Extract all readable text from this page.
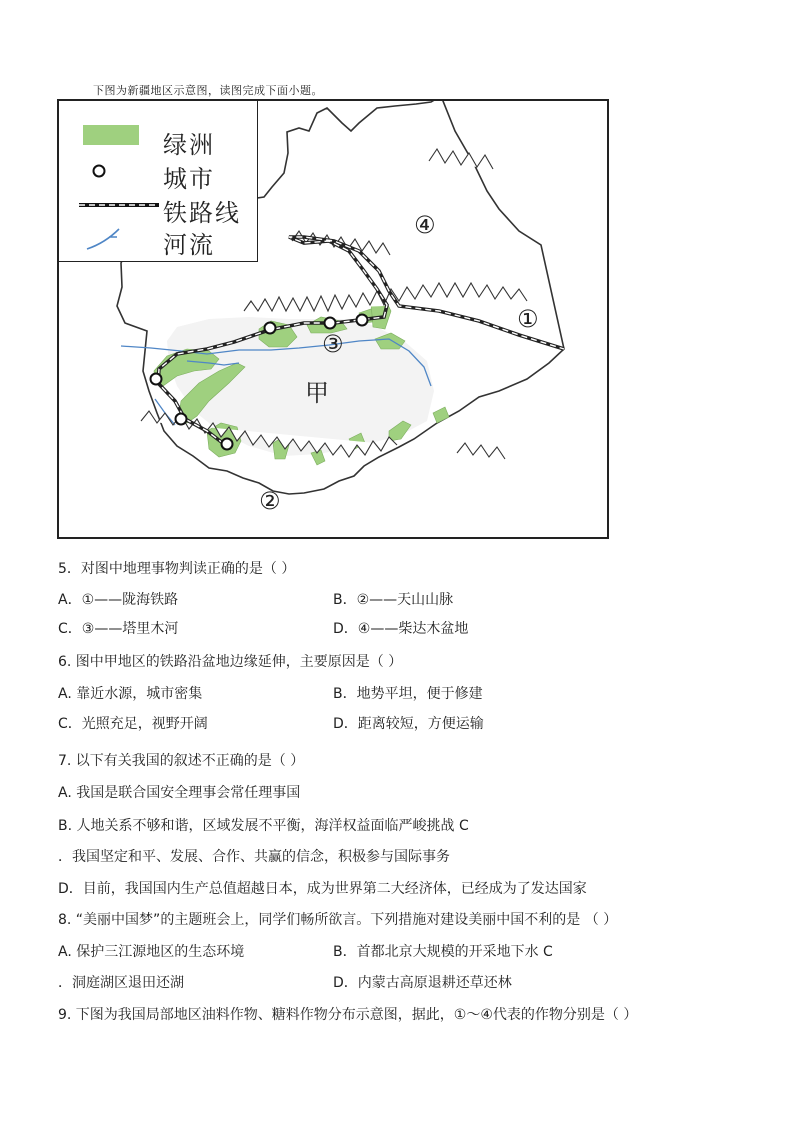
下图为新疆地区示意图，读图完成下面小题。
④
①
③
②
甲
绿洲
城市
铁路线
河流
5．对图中地理事物判读正确的是（ ）
A．①——陇海铁路	B．②——天山山脉
C．③——塔里木河	D．④——柴达木盆地
6. 图中甲地区的铁路沿盆地边缘延伸，主要原因是（ ）
A. 靠近水源，城市密集	B．地势平坦，便于修建
C．光照充足，视野开阔	D．距离较短，方便运输
7. 以下有关我国的叙述不正确的是（ ）
A. 我国是联合国安全理事会常任理事国
B. 人地关系不够和谐，区域发展不平衡，海洋权益面临严峻挑战 C
．我国坚定和平、发展、合作、共赢的信念，积极参与国际事务
D．目前，我国国内生产总值超越日本，成为世界第二大经济体，已经成为了发达国家
8. “美丽中国梦”的主题班会上，同学们畅所欲言。下列措施对建设美丽中国不利的是 （ ）
A. 保护三江源地区的生态环境	B．首都北京大规模的开采地下水 C
．洞庭湖区退田还湖	D．内蒙古高原退耕还草还林
9. 下图为我国局部地区油料作物、糖料作物分布示意图，据此，①～④代表的作物分别是（ ）
